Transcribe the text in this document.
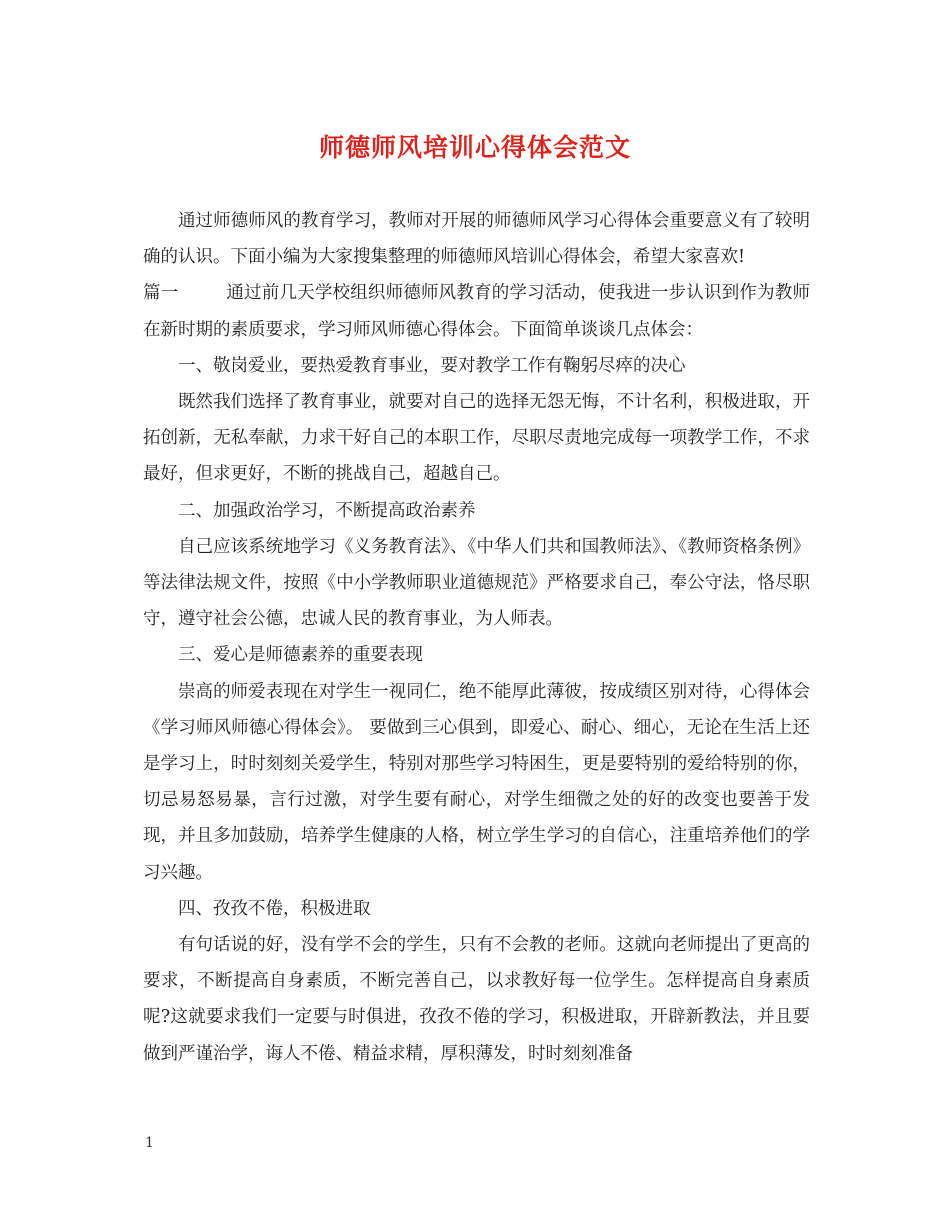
师德师风培训心得体会范文

通过师德师风的教育学习，教师对开展的师德师风学习心得体会重要意义有了较明确的认识。下面小编为大家搜集整理的师德师风培训心得体会，希望大家喜欢!

篇一	通过前几天学校组织师德师风教育的学习活动，使我进一步认识到作为教师在新时期的素质要求，学习师风师德心得体会。下面简单谈谈几点体会：

一、敬岗爱业，要热爱教育事业，要对教学工作有鞠躬尽瘁的决心

既然我们选择了教育事业，就要对自己的选择无怨无悔，不计名利，积极进取，开拓创新，无私奉献，力求干好自己的本职工作，尽职尽责地完成每一项教学工作，不求最好，但求更好，不断的挑战自己，超越自己。

二、加强政治学习，不断提高政治素养

自己应该系统地学习《义务教育法》、《中华人们共和国教师法》、《教师资格条例》等法律法规文件，按照《中小学教师职业道德规范》严格要求自己，奉公守法，恪尽职守，遵守社会公德，忠诚人民的教育事业，为人师表。

三、爱心是师德素养的重要表现

崇高的师爱表现在对学生一视同仁，绝不能厚此薄彼，按成绩区别对待，心得体会《学习师风师德心得体会》。 要做到三心俱到，即爱心、耐心、细心，无论在生活上还是学习上，时时刻刻关爱学生，特别对那些学习特困生，更是要特别的爱给特别的你，切忌易怒易暴，言行过激，对学生要有耐心，对学生细微之处的好的改变也要善于发现，并且多加鼓励，培养学生健康的人格，树立学生学习的自信心，注重培养他们的学习兴趣。

四、孜孜不倦，积极进取

有句话说的好，没有学不会的学生，只有不会教的老师。这就向老师提出了更高的要求，不断提高自身素质，不断完善自己，以求教好每一位学生。怎样提高自身素质呢?这就要求我们一定要与时俱进，孜孜不倦的学习，积极进取，开辟新教法，并且要做到严谨治学，诲人不倦、精益求精，厚积薄发，时时刻刻准备

1
